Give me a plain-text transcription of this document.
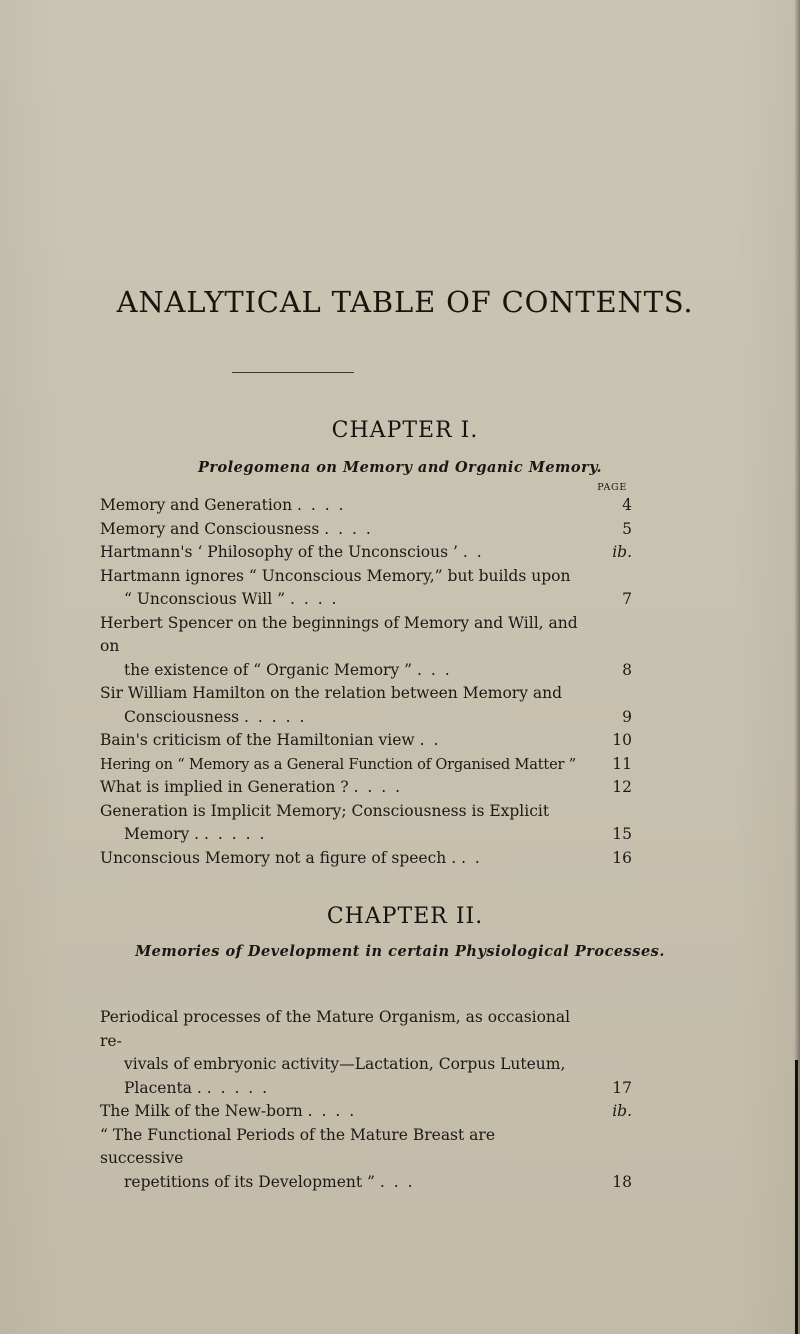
ANALYTICAL TABLE OF CONTENTS.
CHAPTER I.
Prolegomena on Memory and Organic Memory.
PAGE
Memory and Generation . . . .	4
Memory and Consciousness . . . .	5
Hartmann's ‘ Philosophy of the Unconscious ’ . .	ib.
Hartmann ignores “ Unconscious Memory,” but builds upon
“ Unconscious Will ” . . . .	7
Herbert Spencer on the beginnings of Memory and Will, and on
the existence of “ Organic Memory ” . . .	8
Sir William Hamilton on the relation between Memory and
Consciousness . . . . .	9
Bain's criticism of the Hamiltonian view . .	10
Hering on “ Memory as a General Function of Organised Matter ”	11
What is implied in Generation ? . . . .	12
Generation is Implicit Memory; Consciousness is Explicit
Memory . . . . . .	15
Unconscious Memory not a figure of speech . . .	16
CHAPTER II.
Memories of Development in certain Physiological Processes.
Periodical processes of the Mature Organism, as occasional re-
vivals of embryonic activity—Lactation, Corpus Luteum,
Placenta . . . . . .	17
The Milk of the New-born . . . .	ib.
“ The Functional Periods of the Mature Breast are successive
repetitions of its Development ” . . .	18
